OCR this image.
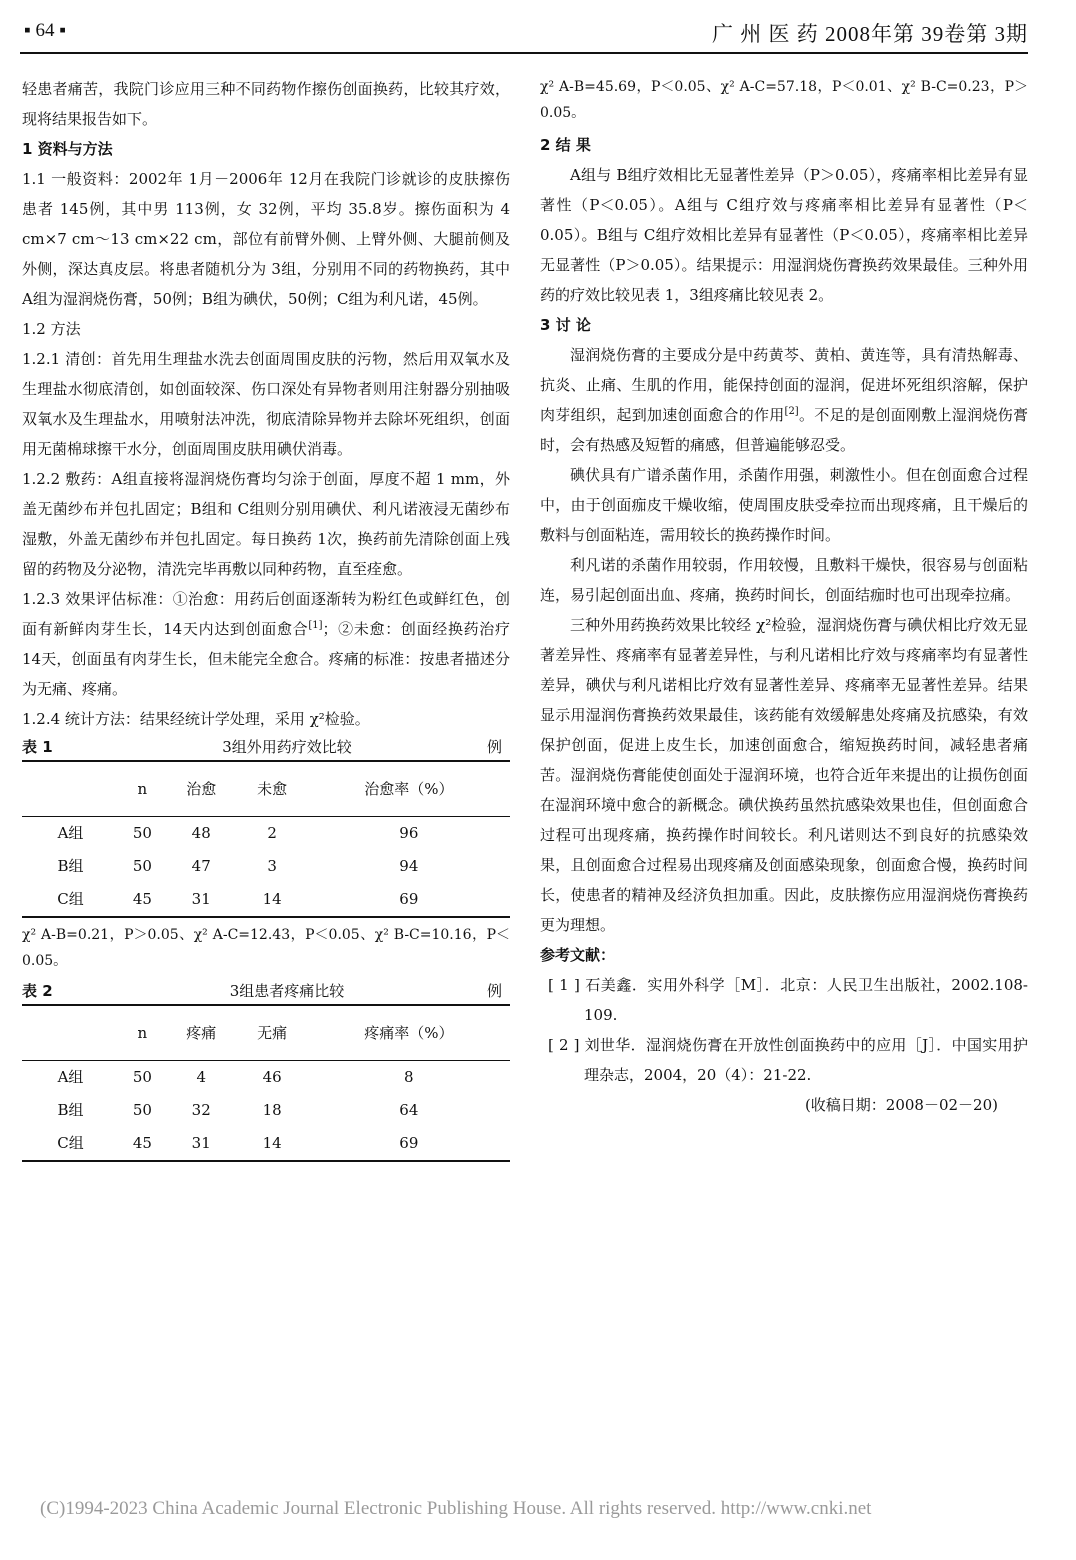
▪ 64 ▪	广 州 医 药 2008年第 39卷第 3期

轻患者痛苦，我院门诊应用三种不同药物作擦伤创面换药，比较其疗效，现将结果报告如下。

1 资料与方法

1.1 一般资料：2002年 1月－2006年 12月在我院门诊就诊的皮肤擦伤患者 145例，其中男 113例，女 32例，平均 35.8岁。擦伤面积为 4 cm×7 cm～13 cm×22 cm，部位有前臂外侧、上臂外侧、大腿前侧及外侧，深达真皮层。将患者随机分为 3组，分别用不同的药物换药，其中 A组为湿润烧伤膏，50例；B组为碘伏，50例；C组为利凡诺，45例。

1.2 方法

1.2.1 清创：首先用生理盐水洗去创面周围皮肤的污物，然后用双氧水及生理盐水彻底清创，如创面较深、伤口深处有异物者则用注射器分别抽吸双氧水及生理盐水，用喷射法冲洗，彻底清除异物并去除坏死组织，创面用无菌棉球擦干水分，创面周围皮肤用碘伏消毒。

1.2.2 敷药：A组直接将湿润烧伤膏均匀涂于创面，厚度不超 1 mm，外盖无菌纱布并包扎固定；B组和 C组则分别用碘伏、利凡诺液浸无菌纱布湿敷，外盖无菌纱布并包扎固定。每日换药 1次，换药前先清除创面上残留的药物及分泌物，清洗完毕再敷以同种药物，直至痊愈。

1.2.3 效果评估标准：①治愈：用药后创面逐渐转为粉红色或鲜红色，创面有新鲜肉芽生长，14天内达到创面愈合[1]；②未愈：创面经换药治疗 14天，创面虽有肉芽生长，但未能完全愈合。疼痛的标准：按患者描述分为无痛、疼痛。

1.2.4 统计方法：结果经统计学处理，采用 χ²检验。

表 1	3组外用药疗效比较	例
	n	治愈	未愈	治愈率（%）
A组	50	48	2	96
B组	50	47	3	94
C组	45	31	14	69

χ² A-B=0.21，P＞0.05、χ² A-C=12.43，P＜0.05、χ² B-C=10.16，P＜0.05。

表 2	3组患者疼痛比较	例
	n	疼痛	无痛	疼痛率（%）
A组	50	4	46	8
B组	50	32	18	64
C组	45	31	14	69

χ² A-B=45.69，P＜0.05、χ² A-C=57.18，P＜0.01、χ² B-C=0.23，P＞0.05。

2 结 果

A组与 B组疗效相比无显著性差异（P＞0.05），疼痛率相比差异有显著性（P＜0.05）。A组与 C组疗效与疼痛率相比差异有显著性（P＜0.05）。B组与 C组疗效相比差异有显著性（P＜0.05），疼痛率相比差异无显著性（P＞0.05）。结果提示：用湿润烧伤膏换药效果最佳。三种外用药的疗效比较见表 1，3组疼痛比较见表 2。

3 讨 论

湿润烧伤膏的主要成分是中药黄芩、黄柏、黄连等，具有清热解毒、抗炎、止痛、生肌的作用，能保持创面的湿润，促进坏死组织溶解，保护肉芽组织，起到加速创面愈合的作用[2]。不足的是创面刚敷上湿润烧伤膏时，会有热感及短暂的痛感，但普遍能够忍受。

碘伏具有广谱杀菌作用，杀菌作用强，刺激性小。但在创面愈合过程中，由于创面痂皮干燥收缩，使周围皮肤受牵拉而出现疼痛，且干燥后的敷料与创面粘连，需用较长的换药操作时间。

利凡诺的杀菌作用较弱，作用较慢，且敷料干燥快，很容易与创面粘连，易引起创面出血、疼痛，换药时间长，创面结痂时也可出现牵拉痛。

三种外用药换药效果比较经 χ²检验，湿润烧伤膏与碘伏相比疗效无显著差异性、疼痛率有显著差异性，与利凡诺相比疗效与疼痛率均有显著性差异，碘伏与利凡诺相比疗效有显著性差异、疼痛率无显著性差异。结果显示用湿润伤膏换药效果最佳，该药能有效缓解患处疼痛及抗感染，有效保护创面，促进上皮生长，加速创面愈合，缩短换药时间，减轻患者痛苦。湿润烧伤膏能使创面处于湿润环境，也符合近年来提出的让损伤创面在湿润环境中愈合的新概念。碘伏换药虽然抗感染效果也佳，但创面愈合过程可出现疼痛，换药操作时间较长。利凡诺则达不到良好的抗感染效果，且创面愈合过程易出现疼痛及创面感染现象，创面愈合慢，换药时间长，使患者的精神及经济负担加重。因此，皮肤擦伤应用湿润烧伤膏换药更为理想。

参考文献：

[ 1 ] 石美鑫．实用外科学［M］．北京：人民卫生出版社，2002.108-109.

[ 2 ] 刘世华．湿润烧伤膏在开放性创面换药中的应用［J］．中国实用护理杂志，2004，20（4）：21-22.

(收稿日期：2008－02－20)

(C)1994-2023 China Academic Journal Electronic Publishing House. All rights reserved. http://www.cnki.net
